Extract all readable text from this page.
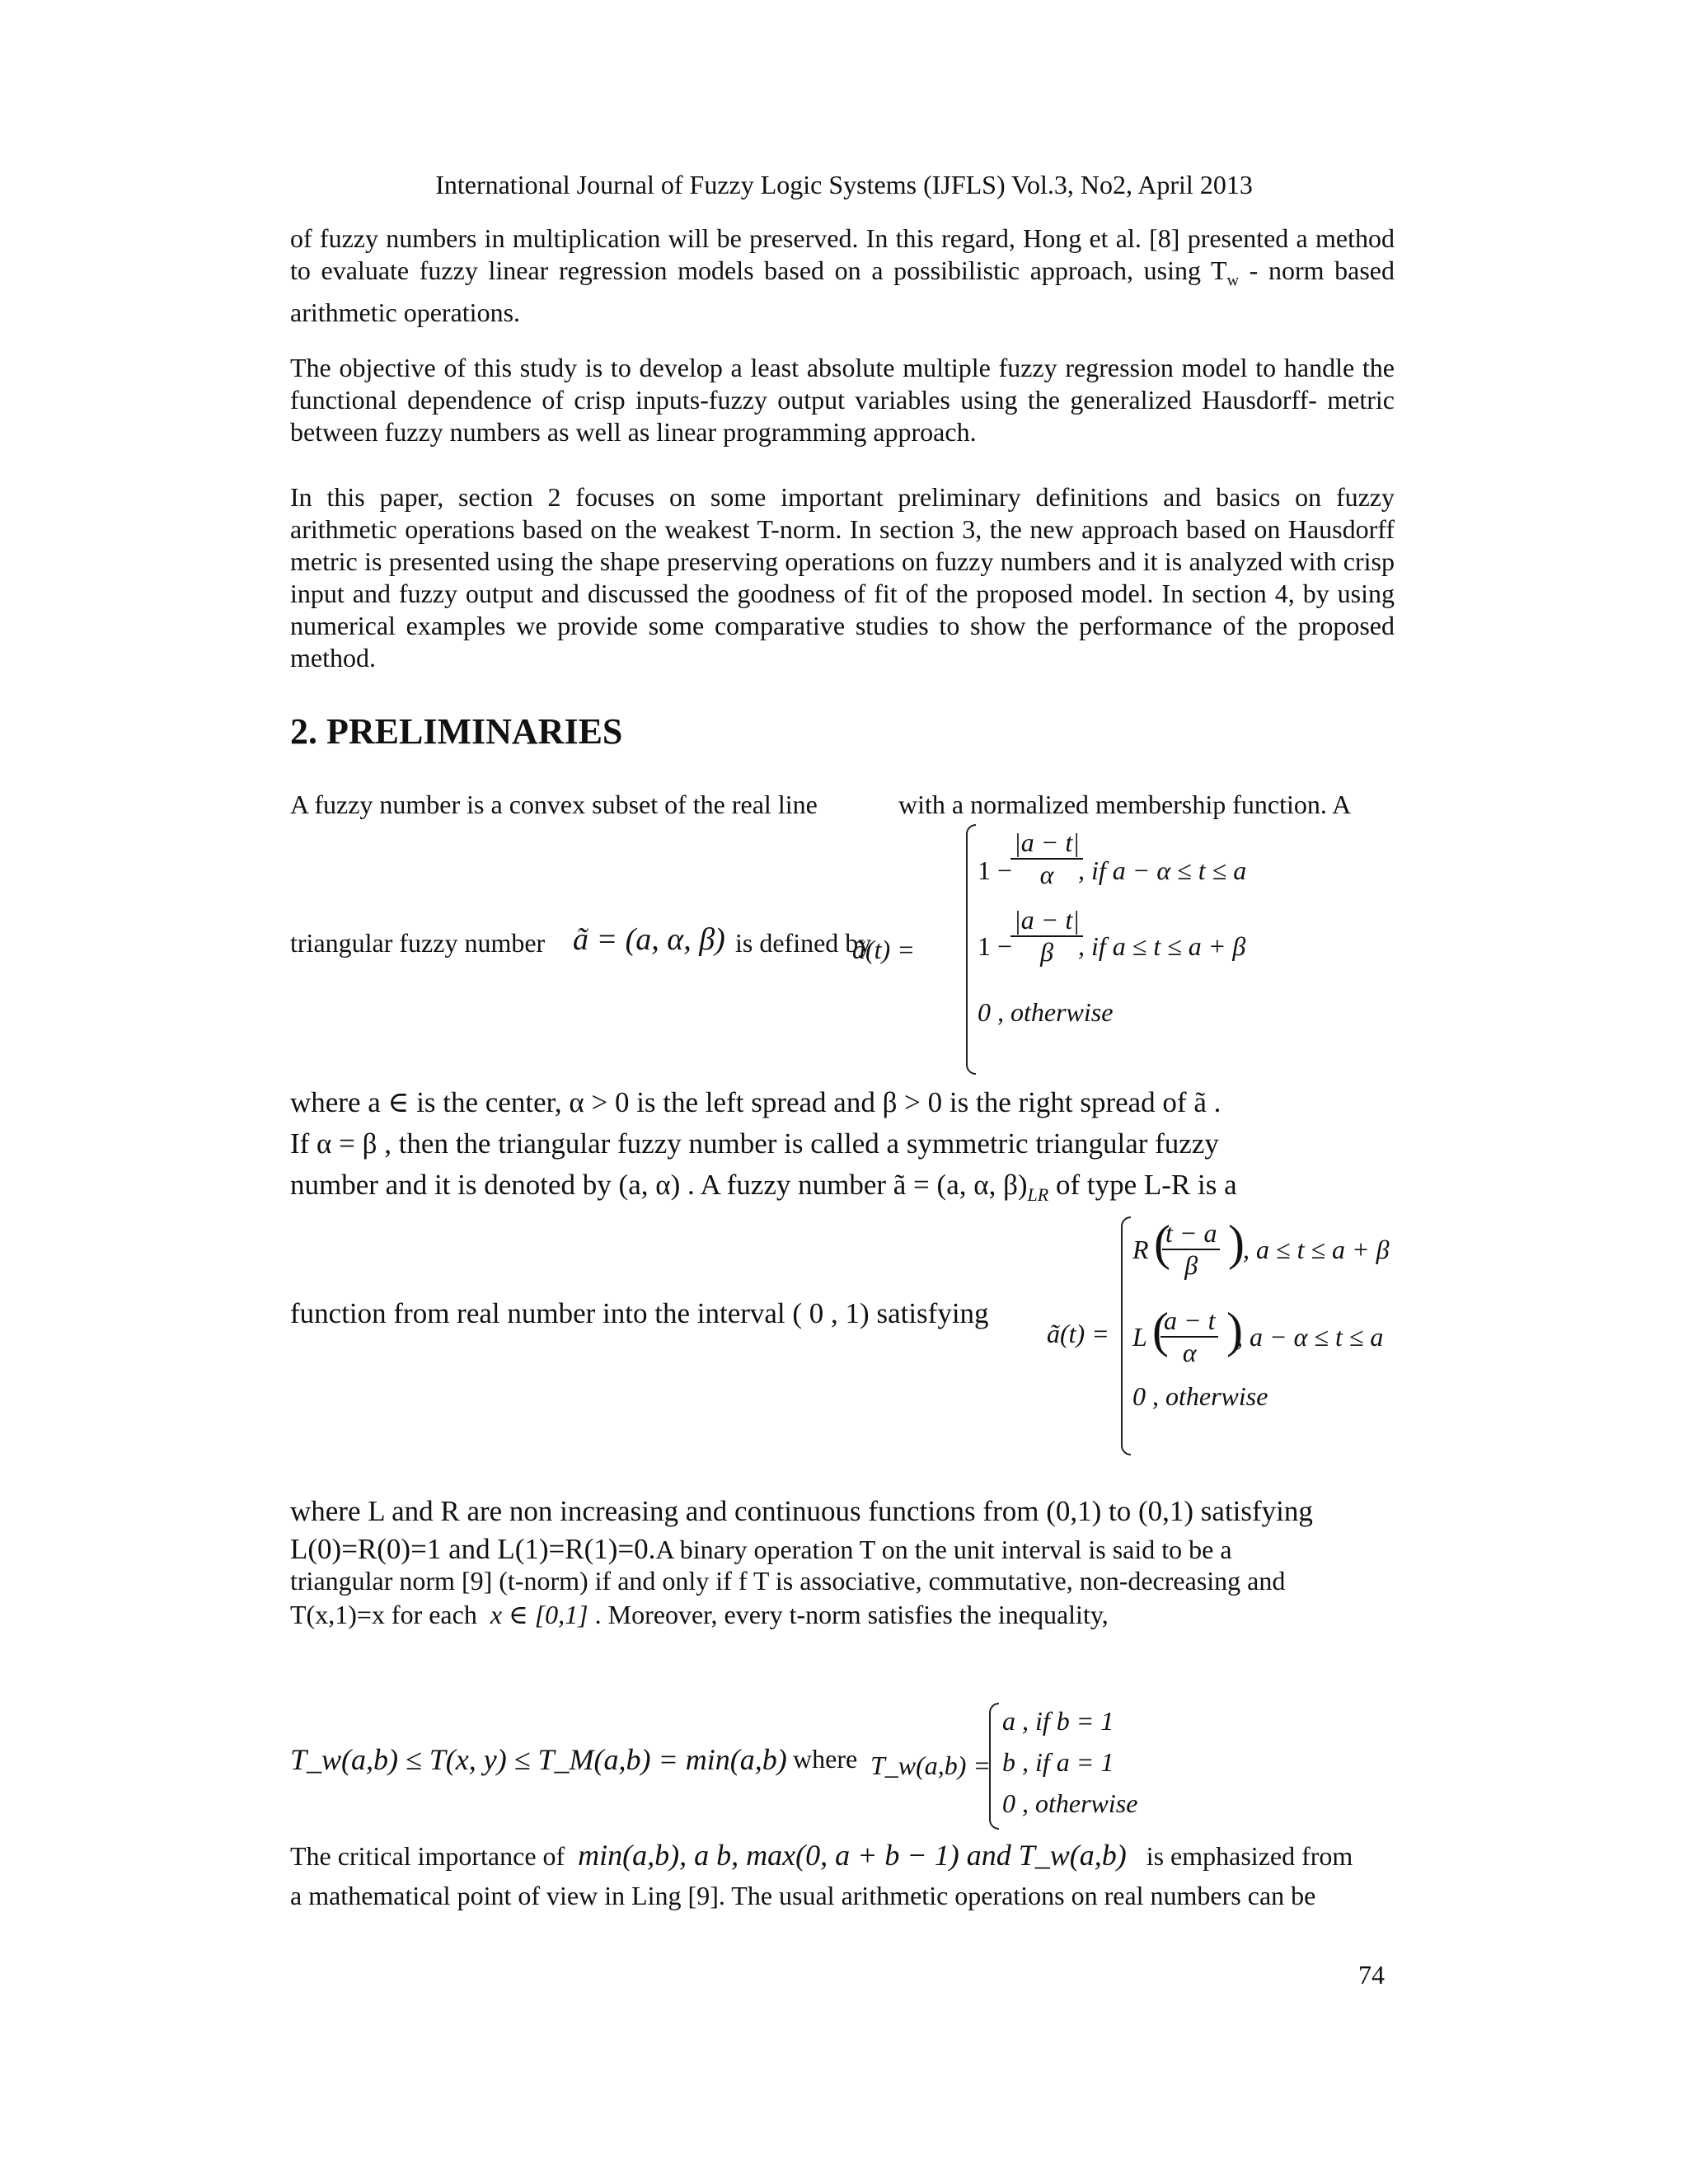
International Journal of Fuzzy Logic Systems (IJFLS) Vol.3, No2, April 2013
of fuzzy numbers in multiplication will be preserved. In this regard, Hong et al. [8] presented a method to evaluate fuzzy linear regression models based on a possibilistic approach, using $T_w$ - norm based arithmetic operations.
The objective of this study is to develop a least absolute multiple fuzzy regression model to handle the functional dependence of crisp inputs-fuzzy output variables using the generalized Hausdorff- metric between fuzzy numbers as well as linear programming approach.
In this paper, section 2 focuses on some important preliminary definitions and basics on fuzzy arithmetic operations based on the weakest T-norm. In section 3, the new approach based on Hausdorff metric is presented using the shape preserving operations on fuzzy numbers and it is analyzed with crisp input and fuzzy output and discussed the goodness of fit of the proposed model. In section 4, by using numerical examples we provide some comparative studies to show the performance of the proposed method.
2. PRELIMINARIES
A fuzzy number is a convex subset of the real line	with a normalized membership function. A
triangular fuzzy number ã = (a, α, β) is defined by
ã(t) =
1 −
$\frac{|a - t|}{\alpha}$
, if a − α ≤ t ≤ a
1 −
$\frac{|a - t|}{\beta}$
, if a ≤ t ≤ a + β
0 , otherwise
where a ∈ is the center, α > 0 is the left spread and β > 0 is the right spread of ã .
If α = β , then the triangular fuzzy number is called a symmetric triangular fuzzy
number and it is denoted by (a, α) . A fuzzy number ã = (a, α, $\beta)_{LR}$ of type L-R is a
function from real number into the interval ( 0 , 1) satisfying
ã(t) =
R (
$\frac{t - a}{\beta}$ )
, a ≤ t ≤ a + β
L (
$\frac{a - t}{\alpha}$ )
, a − α ≤ t ≤ a
0 , otherwise
where L and R are non increasing and continuous functions from (0,1) to (0,1) satisfying
L(0)=R(0)=1 and L(1)=R(1)=0.A binary operation T on the unit interval is said to be a
triangular norm [9] (t-norm) if and only if f T is associative, commutative, non-decreasing and
T(x,1)=x for each x ∈ [0,1] . Moreover, every t-norm satisfies the inequality,
T_w(a,b) ≤ T(x, y) ≤ T_M(a,b) = min(a,b) where T_w(a,b) =
a , if b = 1
b , if a = 1
0 , otherwise
The critical importance of min(a,b), a b, max(0, a + b − 1) and T_w(a,b) is emphasized from
a mathematical point of view in Ling [9]. The usual arithmetic operations on real numbers can be
74
